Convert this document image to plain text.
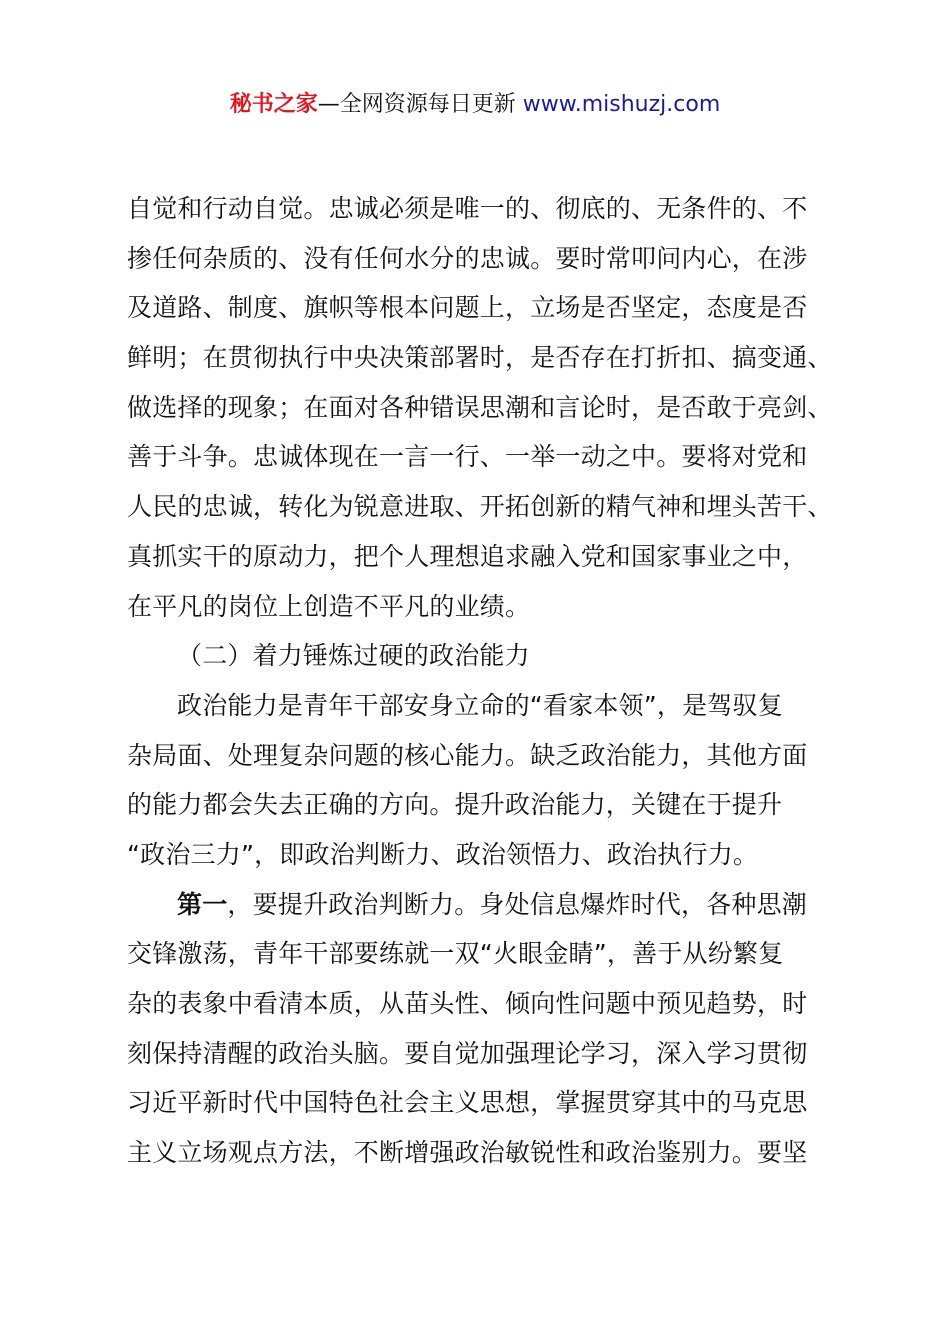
秘书之家—全网资源每日更新 www.mishuzj.com
自觉和行动自觉。忠诚必须是唯一的、彻底的、无条件的、不
掺任何杂质的、没有任何水分的忠诚。要时常叩问内心，在涉
及道路、制度、旗帜等根本问题上，立场是否坚定，态度是否
鲜明；在贯彻执行中央决策部署时，是否存在打折扣、搞变通、
做选择的现象；在面对各种错误思潮和言论时，是否敢于亮剑、
善于斗争。忠诚体现在一言一行、一举一动之中。要将对党和
人民的忠诚，转化为锐意进取、开拓创新的精气神和埋头苦干、
真抓实干的原动力，把个人理想追求融入党和国家事业之中，
在平凡的岗位上创造不平凡的业绩。
（二）着力锤炼过硬的政治能力
政治能力是青年干部安身立命的“看家本领”，是驾驭复
杂局面、处理复杂问题的核心能力。缺乏政治能力，其他方面
的能力都会失去正确的方向。提升政治能力，关键在于提升
“政治三力”，即政治判断力、政治领悟力、政治执行力。
第一，要提升政治判断力。身处信息爆炸时代，各种思潮
交锋激荡，青年干部要练就一双“火眼金睛”，善于从纷繁复
杂的表象中看清本质，从苗头性、倾向性问题中预见趋势，时
刻保持清醒的政治头脑。要自觉加强理论学习，深入学习贯彻
习近平新时代中国特色社会主义思想，掌握贯穿其中的马克思
主义立场观点方法，不断增强政治敏锐性和政治鉴别力。要坚
